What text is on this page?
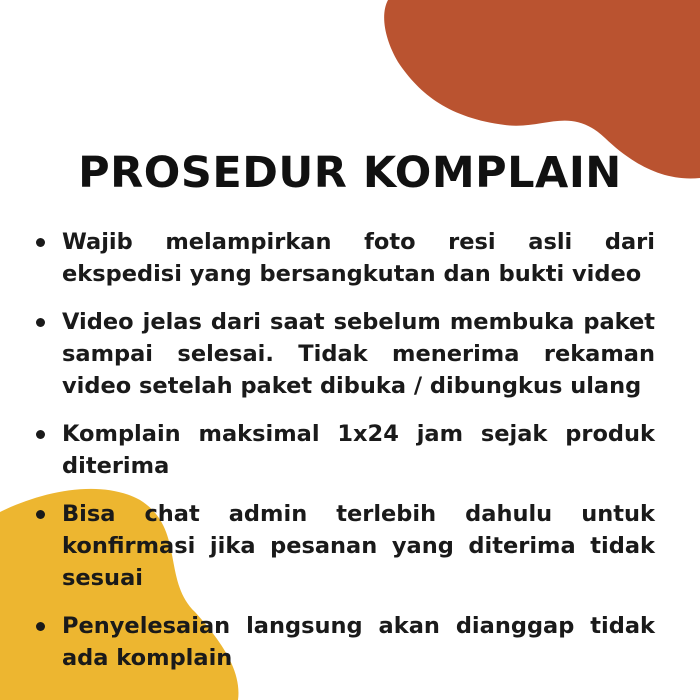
PROSEDUR KOMPLAIN
Wajib melampirkan foto resi asli dari ekspedisi yang bersangkutan dan bukti video
Video jelas dari saat sebelum membuka paket sampai selesai. Tidak menerima rekaman video setelah paket dibuka / dibungkus ulang
Komplain maksimal 1x24 jam sejak produk diterima
Bisa chat admin terlebih dahulu untuk konfirmasi jika pesanan yang diterima tidak sesuai
Penyelesaian langsung akan dianggap tidak ada komplain
